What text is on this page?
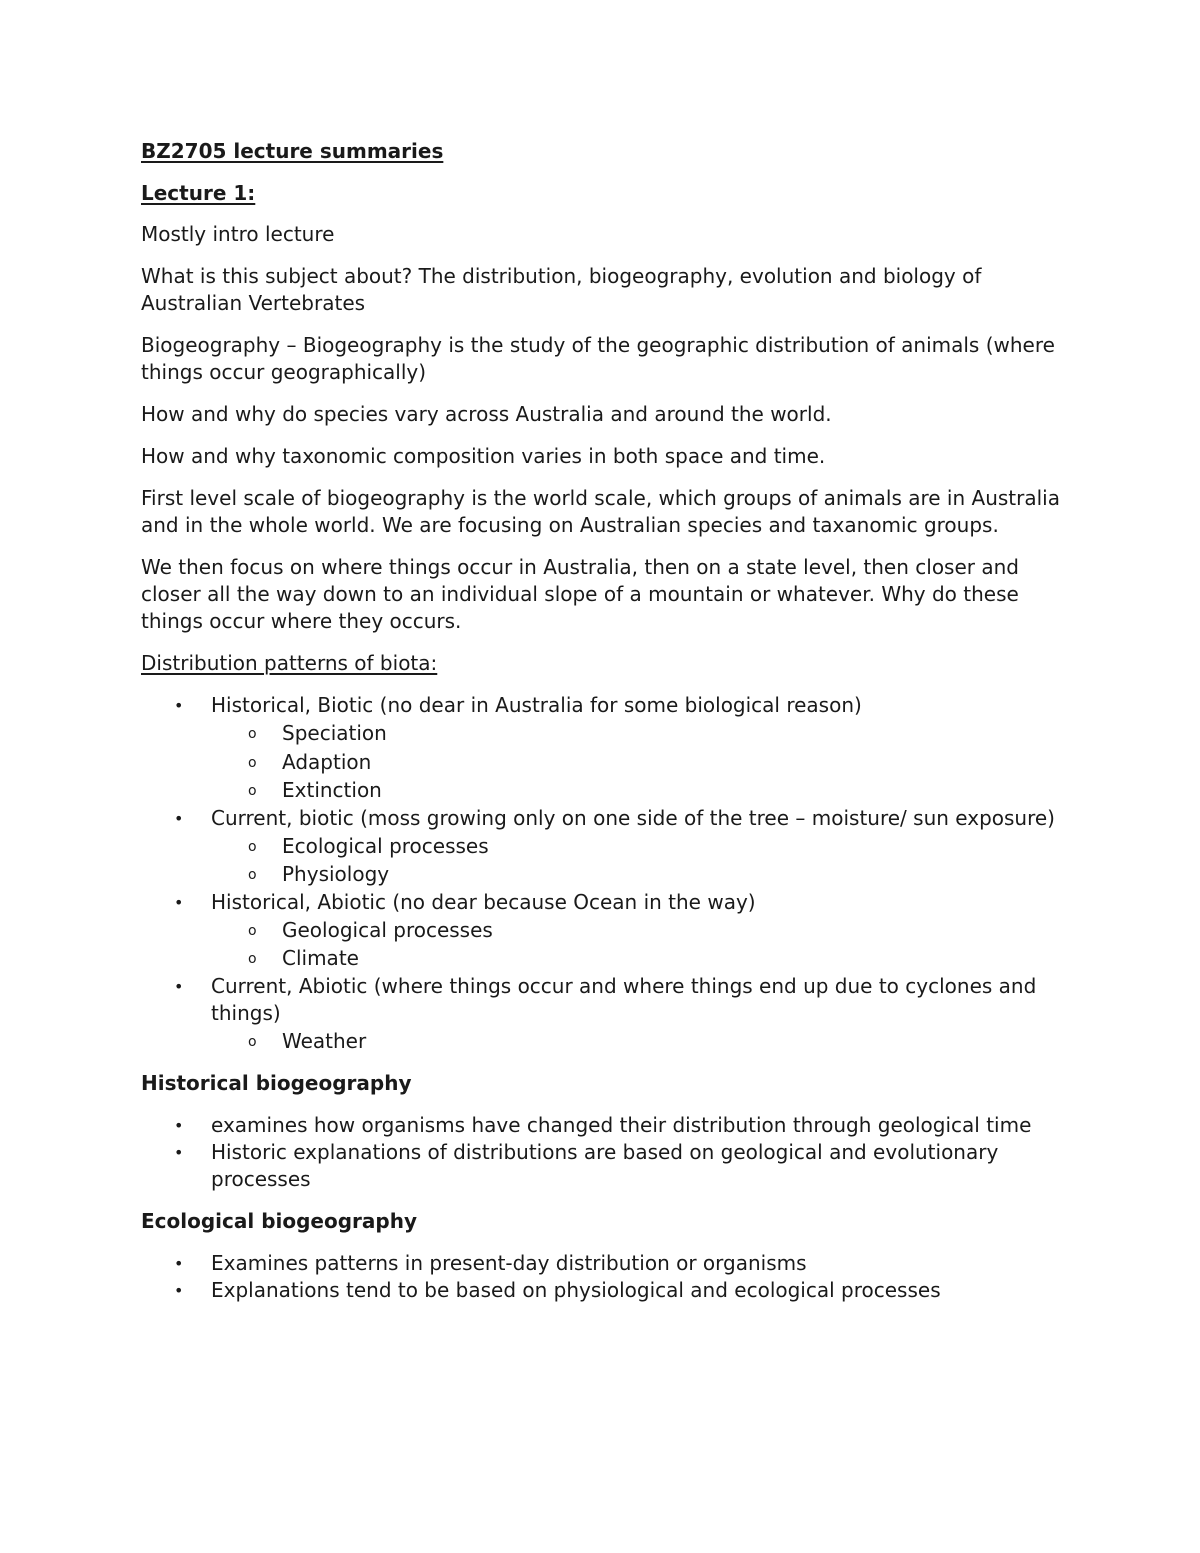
BZ2705 lecture summaries
Lecture 1:

Mostly intro lecture

What is this subject about? The distribution, biogeography, evolution and biology of Australian Vertebrates

Biogeography – Biogeography is the study of the geographic distribution of animals (where things occur geographically)

How and why do species vary across Australia and around the world.

How and why taxonomic composition varies in both space and time.

First level scale of biogeography is the world scale, which groups of animals are in Australia and in the whole world. We are focusing on Australian species and taxanomic groups.

We then focus on where things occur in Australia, then on a state level, then closer and closer all the way down to an individual slope of a mountain or whatever. Why do these things occur where they occurs.

Distribution patterns of biota:

• Historical, Biotic (no dear in Australia for some biological reason)
o Speciation
o Adaption
o Extinction
• Current, biotic (moss growing only on one side of the tree – moisture/ sun exposure)
o Ecological processes
o Physiology
• Historical, Abiotic (no dear because Ocean in the way)
o Geological processes
o Climate
• Current, Abiotic (where things occur and where things end up due to cyclones and things)
o Weather

Historical biogeography

• examines how organisms have changed their distribution through geological time
• Historic explanations of distributions are based on geological and evolutionary processes

Ecological biogeography

• Examines patterns in present-day distribution or organisms
• Explanations tend to be based on physiological and ecological processes
